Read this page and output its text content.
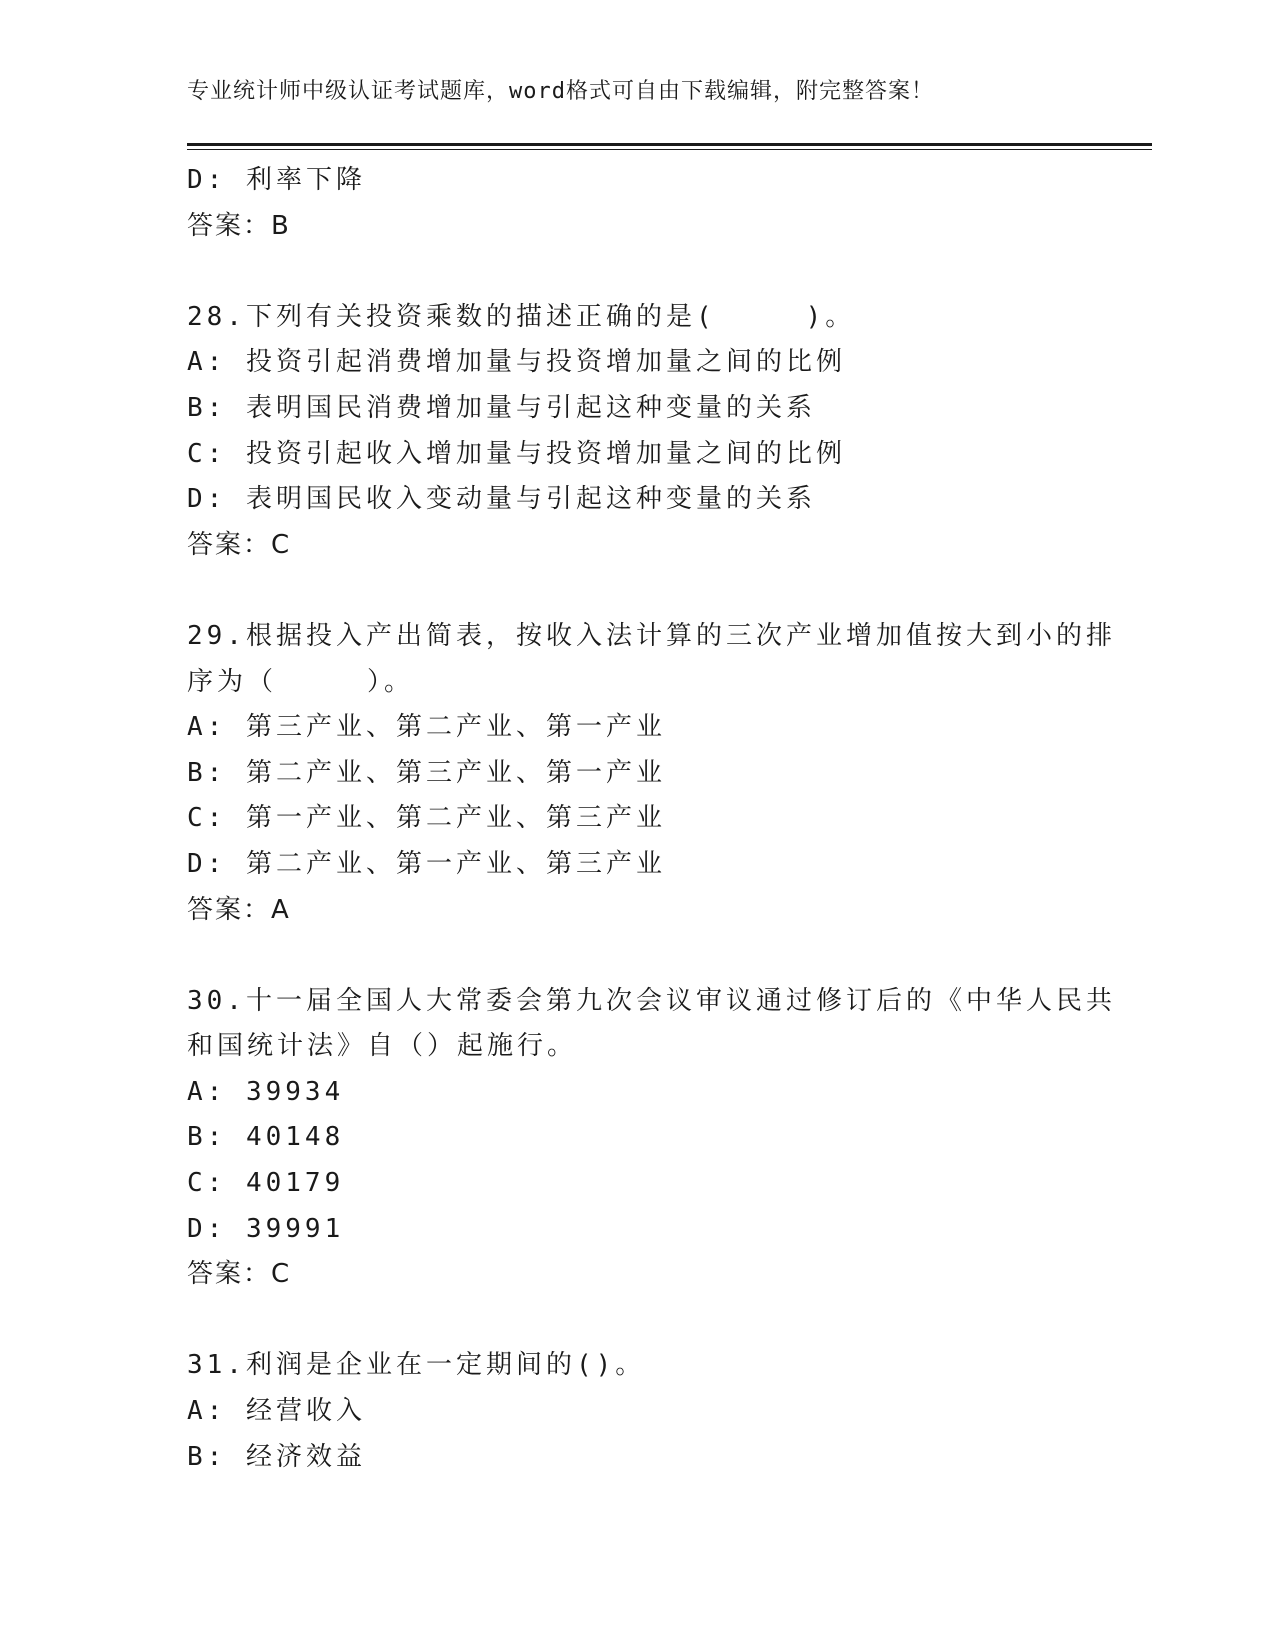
专业统计师中级认证考试题库，word格式可自由下载编辑，附完整答案！
D: 利率下降
答案：B
28.下列有关投资乘数的描述正确的是(　　　)。
A: 投资引起消费增加量与投资增加量之间的比例
B: 表明国民消费增加量与引起这种变量的关系
C: 投资引起收入增加量与投资增加量之间的比例
D: 表明国民收入变动量与引起这种变量的关系
答案：C
29.根据投入产出简表，按收入法计算的三次产业增加值按大到小的排
序为（　　　）。
A: 第三产业、第二产业、第一产业
B: 第二产业、第三产业、第一产业
C: 第一产业、第二产业、第三产业
D: 第二产业、第一产业、第三产业
答案：A
30.十一届全国人大常委会第九次会议审议通过修订后的《中华人民共
和国统计法》自（）起施行。
A: 39934
B: 40148
C: 40179
D: 39991
答案：C
31.利润是企业在一定期间的()。
A: 经营收入
B: 经济效益
